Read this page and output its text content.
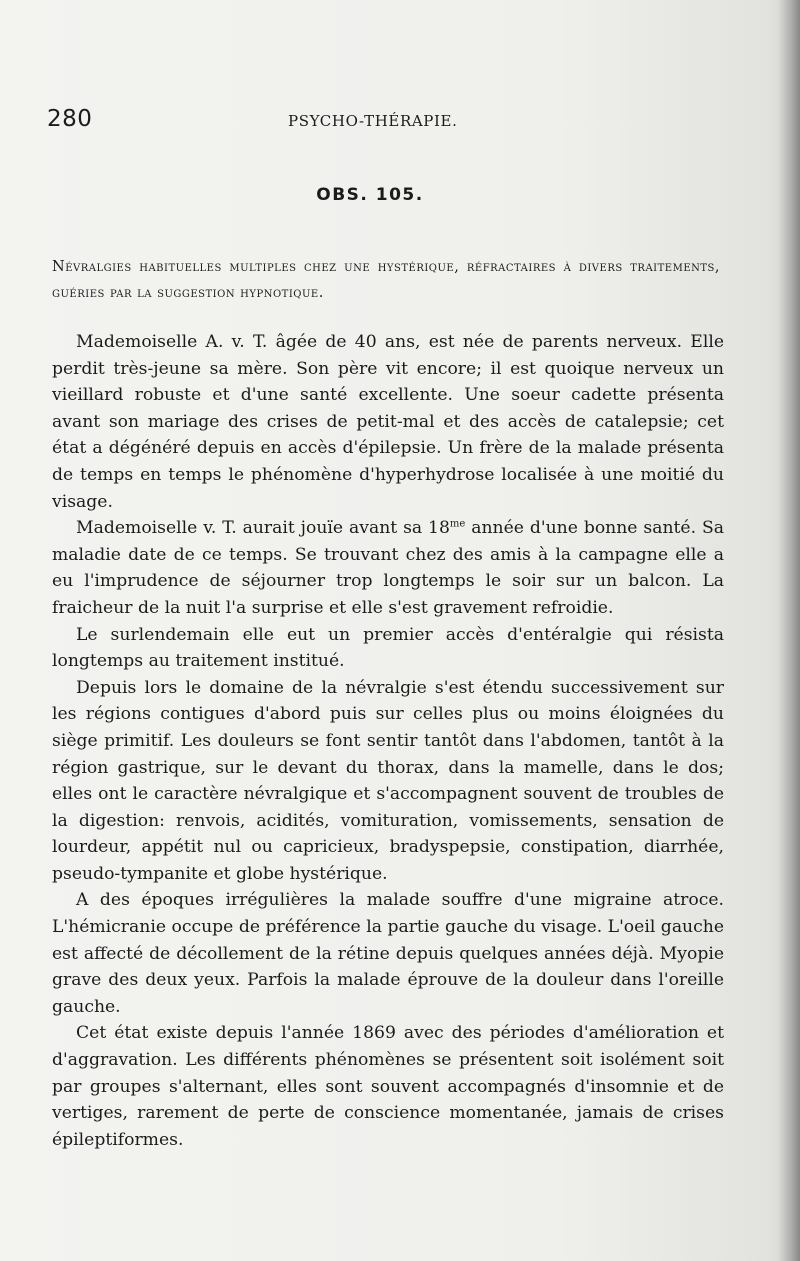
280	PSYCHO-THÉRAPIE.
OBS. 105.
Névralgies habituelles multiples chez une hystérique, réfractaires à divers traitements, guéries par la suggestion hypnotique.

Mademoiselle A. v. T. âgée de 40 ans, est née de parents nerveux. Elle perdit très-jeune sa mère. Son père vit encore; il est quoique nerveux un vieillard robuste et d'une santé excellente. Une soeur cadette présenta avant son mariage des crises de petit-mal et des accès de catalepsie; cet état a dégénéré depuis en accès d'épilepsie. Un frère de la malade présenta de temps en temps le phénomène d'hyperhydrose localisée à une moitié du visage.

Mademoiselle v. T. aurait jouïe avant sa $18^{me}$ année d'une bonne santé. Sa maladie date de ce temps. Se trouvant chez des amis à la campagne elle a eu l'imprudence de séjourner trop longtemps le soir sur un balcon. La fraicheur de la nuit l'a surprise et elle s'est gravement refroidie.

Le surlendemain elle eut un premier accès d'entéralgie qui résista longtemps au traitement institué.

Depuis lors le domaine de la névralgie s'est étendu successivement sur les régions contigues d'abord puis sur celles plus ou moins éloignées du siège primitif. Les douleurs se font sentir tantôt dans l'abdomen, tantôt à la région gastrique, sur le devant du thorax, dans la mamelle, dans le dos; elles ont le caractère névralgique et s'accompagnent souvent de troubles de la digestion: renvois, acidités, vomituration, vomissements, sensation de lourdeur, appétit nul ou capricieux, bradyspepsie, constipation, diarrhée, pseudo-tympanite et globe hystérique.

A des époques irrégulières la malade souffre d'une migraine atroce. L'hémicranie occupe de préférence la partie gauche du visage. L'oeil gauche est affecté de décollement de la rétine depuis quelques années déjà. Myopie grave des deux yeux. Parfois la malade éprouve de la douleur dans l'oreille gauche.

Cet état existe depuis l'année 1869 avec des périodes d'amélioration et d'aggravation. Les différents phénomènes se présentent soit isolément soit par groupes s'alternant, elles sont souvent accompagnés d'insomnie et de vertiges, rarement de perte de conscience momentanée, jamais de crises épileptiformes.
